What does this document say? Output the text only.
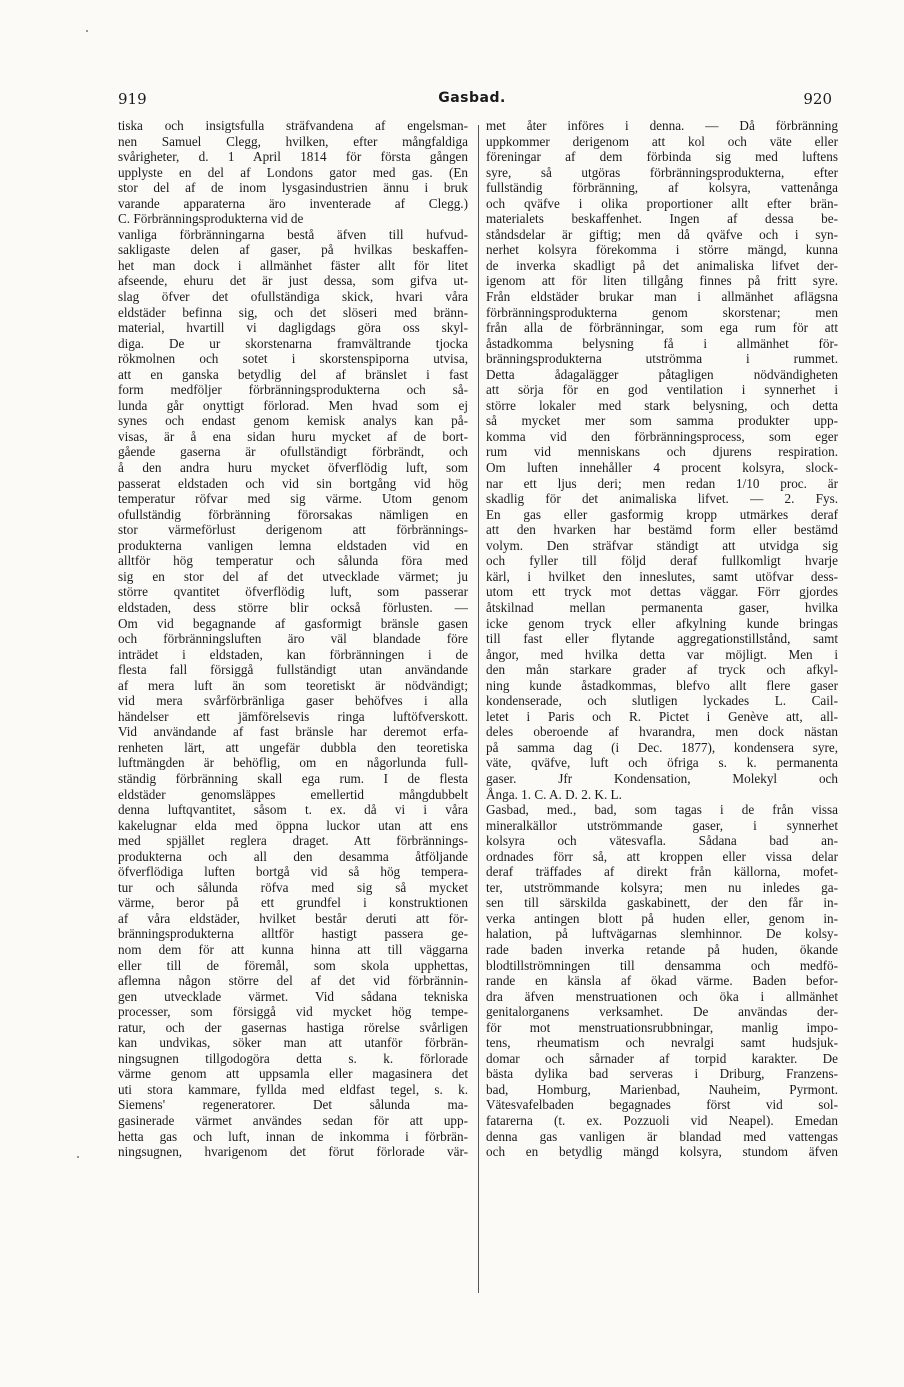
919	Gasbad.	920
tiska och insigtsfulla sträfvandena af engelsman-
nen Samuel Clegg, hvilken, efter mångfaldiga
svårigheter, d. 1 April 1814 för första gången
upplyste en del af Londons gator med gas. (En
stor del af de inom lysgasindustrien ännu i bruk
varande apparaterna äro inventerade af Clegg.)
C. Förbränningsprodukterna vid de
vanliga förbränningarna bestå äfven till hufvud-
sakligaste delen af gaser, på hvilkas beskaffen-
het man dock i allmänhet fäster allt för litet
afseende, ehuru det är just dessa, som gifva ut-
slag öfver det ofullständiga skick, hvari våra
eldstäder befinna sig, och det slöseri med bränn-
material, hvartill vi dagligdags göra oss skyl-
diga. De ur skorstenarna framvältrande tjocka
rökmolnen och sotet i skorstenspiporna utvisa,
att en ganska betydlig del af bränslet i fast
form medföljer förbränningsprodukterna och så-
lunda går onyttigt förlorad. Men hvad som ej
synes och endast genom kemisk analys kan på-
visas, är å ena sidan huru mycket af de bort-
gående gaserna är ofullständigt förbrändt, och
å den andra huru mycket öfverflödig luft, som
passerat eldstaden och vid sin bortgång vid hög
temperatur röfvar med sig värme. Utom genom
ofullständig förbränning förorsakas nämligen en
stor värmeförlust derigenom att förbrännings-
produkterna vanligen lemna eldstaden vid en
alltför hög temperatur och sålunda föra med
sig en stor del af det utvecklade värmet; ju
större qvantitet öfverflödig luft, som passerar
eldstaden, dess större blir också förlusten. —
Om vid begagnande af gasformigt bränsle gasen
och förbränningsluften äro väl blandade före
inträdet i eldstaden, kan förbränningen i de
flesta fall försiggå fullständigt utan användande
af mera luft än som teoretiskt är nödvändigt;
vid mera svårförbränliga gaser behöfves i alla
händelser ett jämförelsevis ringa luftöfverskott.
Vid användande af fast bränsle har deremot erfa-
renheten lärt, att ungefär dubbla den teoretiska
luftmängden är behöflig, om en någorlunda full-
ständig förbränning skall ega rum. I de flesta
eldstäder genomsläppes emellertid mångdubbelt
denna luftqvantitet, såsom t. ex. då vi i våra
kakelugnar elda med öppna luckor utan att ens
med spjället reglera draget. Att förbrännings-
produkterna och all den desamma åtföljande
öfverflödiga luften bortgå vid så hög tempera-
tur och sålunda röfva med sig så mycket
värme, beror på ett grundfel i konstruktionen
af våra eldstäder, hvilket består deruti att för-
bränningsprodukterna alltför hastigt passera ge-
nom dem för att kunna hinna att till väggarna
eller till de föremål, som skola upphettas,
aflemna någon större del af det vid förbrännin-
gen utvecklade värmet. Vid sådana tekniska
processer, som försiggå vid mycket hög tempe-
ratur, och der gasernas hastiga rörelse svårligen
kan undvikas, söker man att utanför förbrän-
ningsugnen tillgodogöra detta s. k. förlorade
värme genom att uppsamla eller magasinera det
uti stora kammare, fyllda med eldfast tegel, s. k.
Siemens' regeneratorer. Det sålunda ma-
gasinerade värmet användes sedan för att upp-
hetta gas och luft, innan de inkomma i förbrän-
ningsugnen, hvarigenom det förut förlorade vär-
met åter införes i denna. — Då förbränning
uppkommer derigenom att kol och väte eller
föreningar af dem förbinda sig med luftens
syre, så utgöras förbränningsprodukterna, efter
fullständig förbränning, af kolsyra, vattenånga
och qväfve i olika proportioner allt efter brän-
materialets beskaffenhet. Ingen af dessa be-
ståndsdelar är giftig; men då qväfve och i syn-
nerhet kolsyra förekomma i större mängd, kunna
de inverka skadligt på det animaliska lifvet der-
igenom att för liten tillgång finnes på fritt syre.
Från eldstäder brukar man i allmänhet aflägsna
förbränningsprodukterna genom skorstenar; men
från alla de förbränningar, som ega rum för att
åstadkomma belysning få i allmänhet för-
bränningsprodukterna utströmma i rummet.
Detta ådagalägger påtagligen nödvändigheten
att sörja för en god ventilation i synnerhet i
större lokaler med stark belysning, och detta
så mycket mer som samma produkter upp-
komma vid den förbränningsprocess, som eger
rum vid menniskans och djurens respiration.
Om luften innehåller 4 procent kolsyra, slock-
nar ett ljus deri; men redan 1/10 proc. är
skadlig för det animaliska lifvet. — 2. Fys.
En gas eller gasformig kropp utmärkes deraf
att den hvarken har bestämd form eller bestämd
volym. Den sträfvar ständigt att utvidga sig
och fyller till följd deraf fullkomligt hvarje
kärl, i hvilket den inneslutes, samt utöfvar dess-
utom ett tryck mot dettas väggar. Förr gjordes
åtskilnad mellan permanenta gaser, hvilka
icke genom tryck eller afkylning kunde bringas
till fast eller flytande aggregationstillstånd, samt
ångor, med hvilka detta var möjligt. Men i
den mån starkare grader af tryck och afkyl-
ning kunde åstadkommas, blefvo allt flere gaser
kondenserade, och slutligen lyckades L. Cail-
letet i Paris och R. Pictet i Genève att, all-
deles oberoende af hvarandra, men dock nästan
på samma dag (i Dec. 1877), kondensera syre,
väte, qväfve, luft och öfriga s. k. permanenta
gaser. Jfr Kondensation, Molekyl och
Ånga. 1. C. A. D. 2. K. L.
Gasbad, med., bad, som tagas i de från vissa
mineralkällor utströmmande gaser, i synnerhet
kolsyra och vätesvafla. Sådana bad an-
ordnades förr så, att kroppen eller vissa delar
deraf träffades af direkt från källorna, mofet-
ter, utströmmande kolsyra; men nu inledes ga-
sen till särskilda gaskabinett, der den får in-
verka antingen blott på huden eller, genom in-
halation, på luftvägarnas slemhinnor. De kolsy-
rade baden inverka retande på huden, ökande
blodtillströmningen till densamma och medfö-
rande en känsla af ökad värme. Baden befor-
dra äfven menstruationen och öka i allmänhet
genitalorganens verksamhet. De användas der-
för mot menstruationsrubbningar, manlig impo-
tens, rheumatism och nevralgi samt hudsjuk-
domar och sårnader af torpid karakter. De
bästa dylika bad serveras i Driburg, Franzens-
bad, Homburg, Marienbad, Nauheim, Pyrmont.
Vätesvafelbaden begagnades först vid sol-
fatarerna (t. ex. Pozzuoli vid Neapel). Emedan
denna gas vanligen är blandad med vattengas
och en betydlig mängd kolsyra, stundom äfven
